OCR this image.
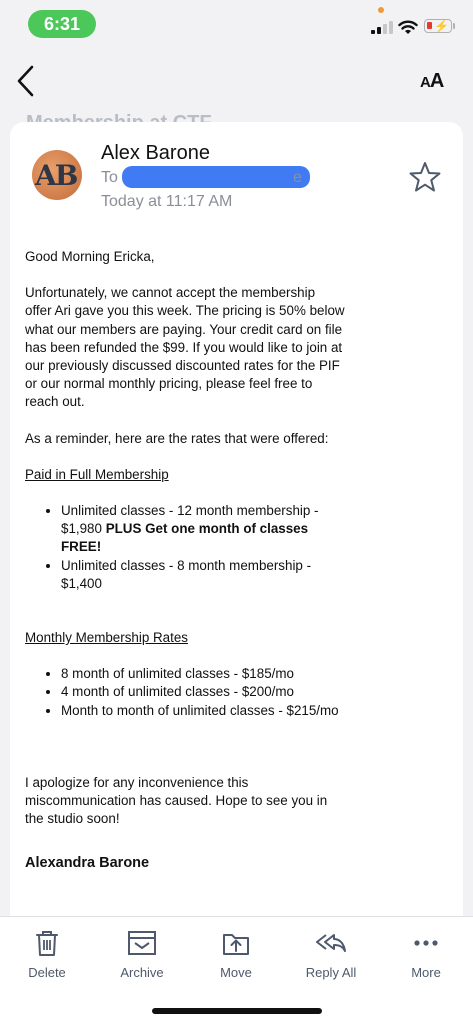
6:31	⚡
AA
AB
Alex Barone
To	e
Today at 11:17 AM

Good Morning Ericka,

Unfortunately, we cannot accept the membership offer Ari gave you this week. The pricing is 50% below what our members are paying. Your credit card on file has been refunded the $99. If you would like to join at our previously discussed discounted rates for the PIF or our normal monthly pricing, please feel free to reach out.

As a reminder, here are the rates that were offered:

Paid in Full Membership

• Unlimited classes - 12 month membership - $1,980 PLUS Get one month of classes FREE!
• Unlimited classes - 8 month membership - $1,400

Monthly Membership Rates

• 8 month of unlimited classes - $185/mo
• 4 month of unlimited classes - $200/mo
• Month to month of unlimited classes - $215/mo

I apologize for any inconvenience this miscommunication has caused. Hope to see you in the studio soon!

Alexandra Barone

Delete	Archive	Move	Reply All	More
